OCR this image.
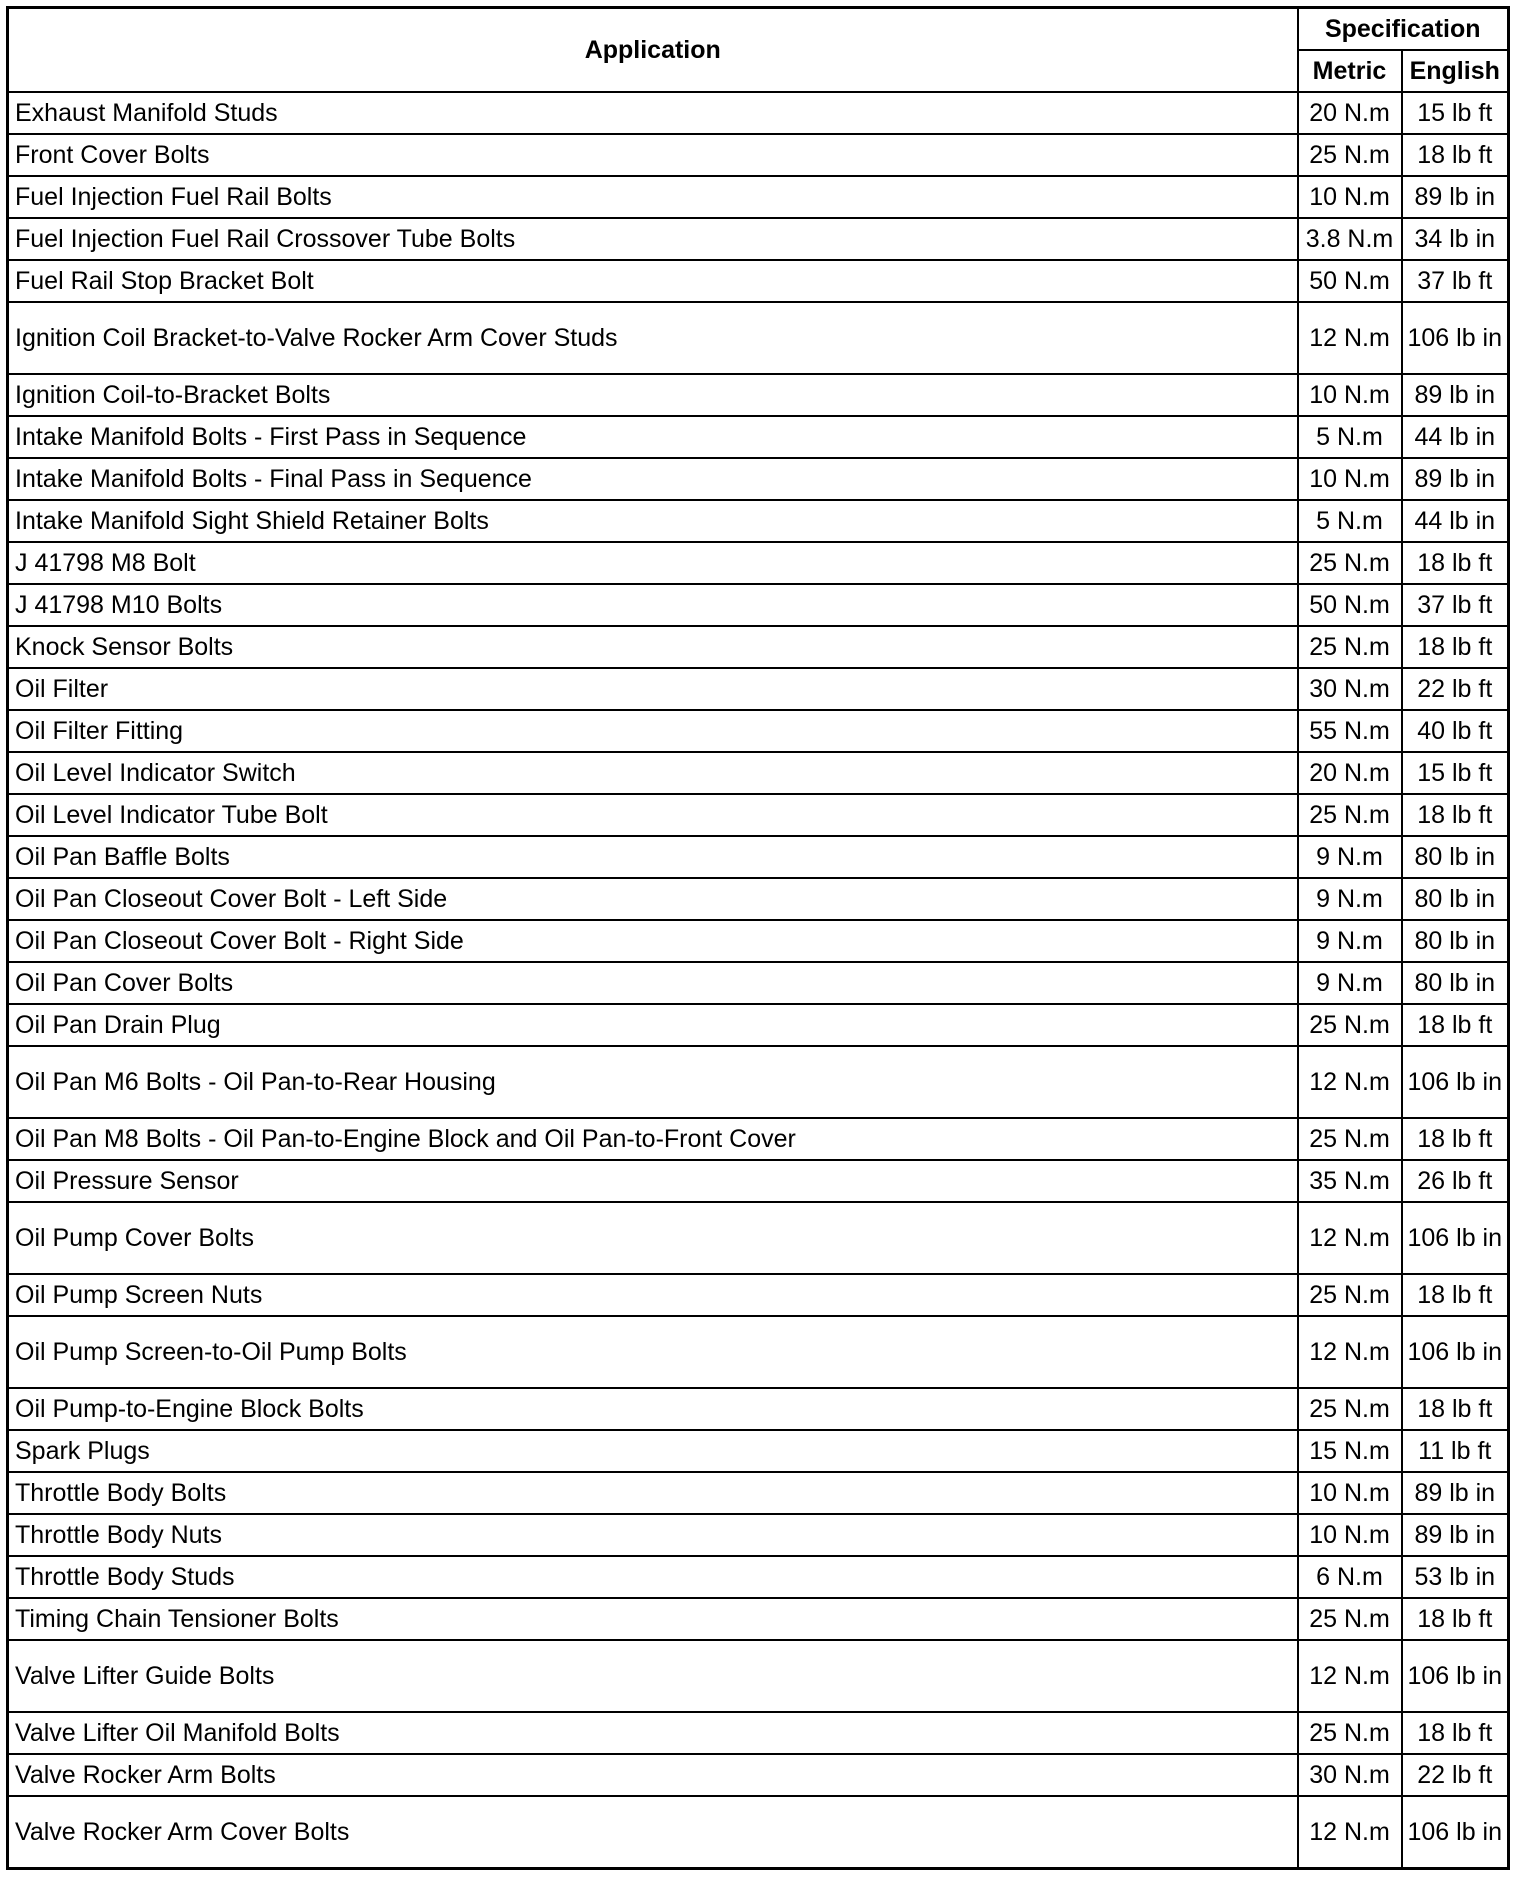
Application	Specification	
	Metric	English
Exhaust Manifold Studs	20 N.m	15 lb ft
Front Cover Bolts	25 N.m	18 lb ft
Fuel Injection Fuel Rail Bolts	10 N.m	89 lb in
Fuel Injection Fuel Rail Crossover Tube Bolts	3.8 N.m	34 lb in
Fuel Rail Stop Bracket Bolt	50 N.m	37 lb ft
Ignition Coil Bracket-to-Valve Rocker Arm Cover Studs	12 N.m	106 lb in
Ignition Coil-to-Bracket Bolts	10 N.m	89 lb in
Intake Manifold Bolts - First Pass in Sequence	5 N.m	44 lb in
Intake Manifold Bolts - Final Pass in Sequence	10 N.m	89 lb in
Intake Manifold Sight Shield Retainer Bolts	5 N.m	44 lb in
J 41798 M8 Bolt	25 N.m	18 lb ft
J 41798 M10 Bolts	50 N.m	37 lb ft
Knock Sensor Bolts	25 N.m	18 lb ft
Oil Filter	30 N.m	22 lb ft
Oil Filter Fitting	55 N.m	40 lb ft
Oil Level Indicator Switch	20 N.m	15 lb ft
Oil Level Indicator Tube Bolt	25 N.m	18 lb ft
Oil Pan Baffle Bolts	9 N.m	80 lb in
Oil Pan Closeout Cover Bolt - Left Side	9 N.m	80 lb in
Oil Pan Closeout Cover Bolt - Right Side	9 N.m	80 lb in
Oil Pan Cover Bolts	9 N.m	80 lb in
Oil Pan Drain Plug	25 N.m	18 lb ft
Oil Pan M6 Bolts - Oil Pan-to-Rear Housing	12 N.m	106 lb in
Oil Pan M8 Bolts - Oil Pan-to-Engine Block and Oil Pan-to-Front Cover	25 N.m	18 lb ft
Oil Pressure Sensor	35 N.m	26 lb ft
Oil Pump Cover Bolts	12 N.m	106 lb in
Oil Pump Screen Nuts	25 N.m	18 lb ft
Oil Pump Screen-to-Oil Pump Bolts	12 N.m	106 lb in
Oil Pump-to-Engine Block Bolts	25 N.m	18 lb ft
Spark Plugs	15 N.m	11 lb ft
Throttle Body Bolts	10 N.m	89 lb in
Throttle Body Nuts	10 N.m	89 lb in
Throttle Body Studs	6 N.m	53 lb in
Timing Chain Tensioner Bolts	25 N.m	18 lb ft
Valve Lifter Guide Bolts	12 N.m	106 lb in
Valve Lifter Oil Manifold Bolts	25 N.m	18 lb ft
Valve Rocker Arm Bolts	30 N.m	22 lb ft
Valve Rocker Arm Cover Bolts	12 N.m	106 lb in
